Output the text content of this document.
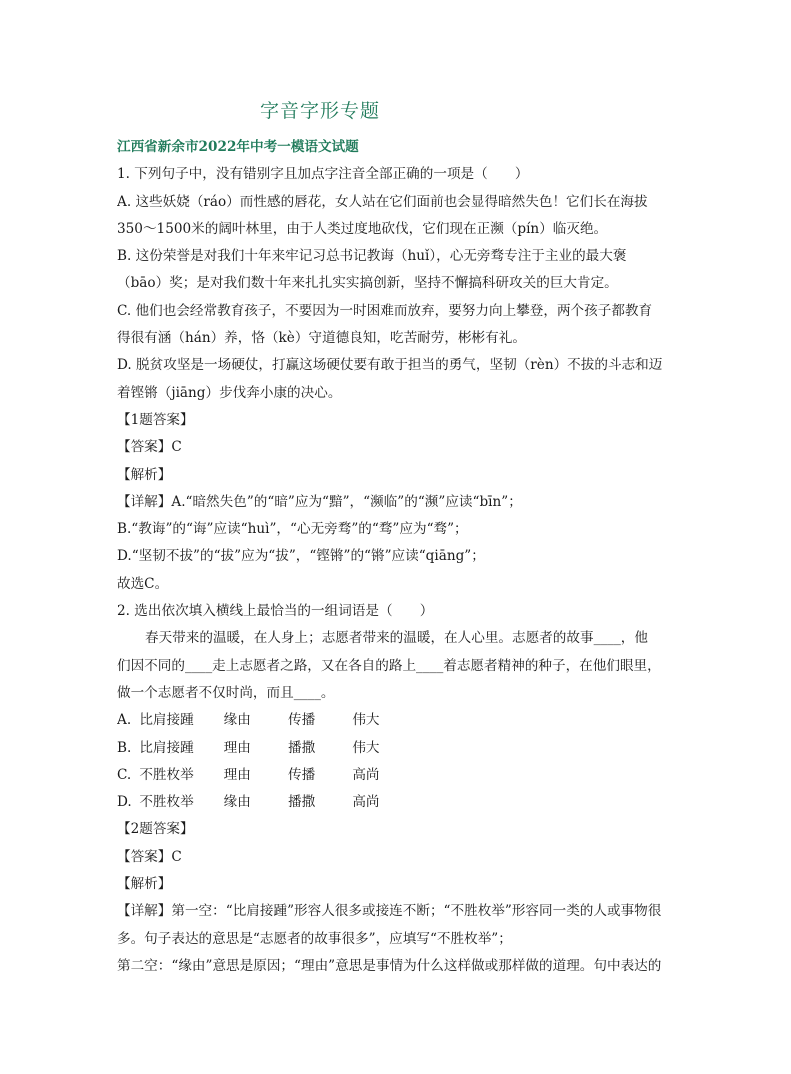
字音字形专题
江西省新余市2022年中考一模语文试题
1. 下列句子中，没有错别字且加点字注音全部正确的一项是（　　）
A. 这些妖娆（ráo）而性感的唇花，女人站在它们面前也会显得暗然失色！它们长在海拔
350～1500米的阔叶林里，由于人类过度地砍伐，它们现在正濒（pín）临灭绝。
B. 这份荣誉是对我们十年来牢记习总书记教诲（huǐ），心无旁骛专注于主业的最大褒
（bāo）奖；是对我们数十年来扎扎实实搞创新，坚持不懈搞科研攻关的巨大肯定。
C. 他们也会经常教育孩子，不要因为一时困难而放弃，要努力向上攀登，两个孩子都教育
得很有涵（hán）养，恪（kè）守道德良知，吃苦耐劳，彬彬有礼。
D. 脱贫攻坚是一场硬仗，打赢这场硬仗要有敢于担当的勇气，坚韧（rèn）不拔的斗志和迈
着铿锵（jiāng）步伐奔小康的决心。
【1题答案】
【答案】C
【解析】
【详解】A.“暗然失色”的“暗”应为“黯”，“濒临”的“濒”应读“bīn”；
B.“教诲”的“诲”应读“huì”，“心无旁骛”的“骛”应为“骛”；
D.“坚韧不拔”的“拔”应为“拔”，“铿锵”的“锵”应读“qiāng”；
故选C。
2. 选出依次填入横线上最恰当的一组词语是（　　）
春天带来的温暖，在人身上；志愿者带来的温暖，在人心里。志愿者的故事____，他
们因不同的____走上志愿者之路，又在各自的路上____着志愿者精神的种子，在他们眼里，
做一个志愿者不仅时尚，而且____。
A. 比肩接踵 缘由	传播	伟大
B. 比肩接踵 理由	播撒	伟大
C. 不胜枚举 理由	传播	高尚
D. 不胜枚举 缘由	播撒	高尚
【2题答案】
【答案】C
【解析】
【详解】第一空：“比肩接踵”形容人很多或接连不断；“不胜枚举”形容同一类的人或事物很
多。句子表达的意思是“志愿者的故事很多”，应填写“不胜枚举”；
第二空：“缘由”意思是原因；“理由”意思是事情为什么这样做或那样做的道理。句中表达的
